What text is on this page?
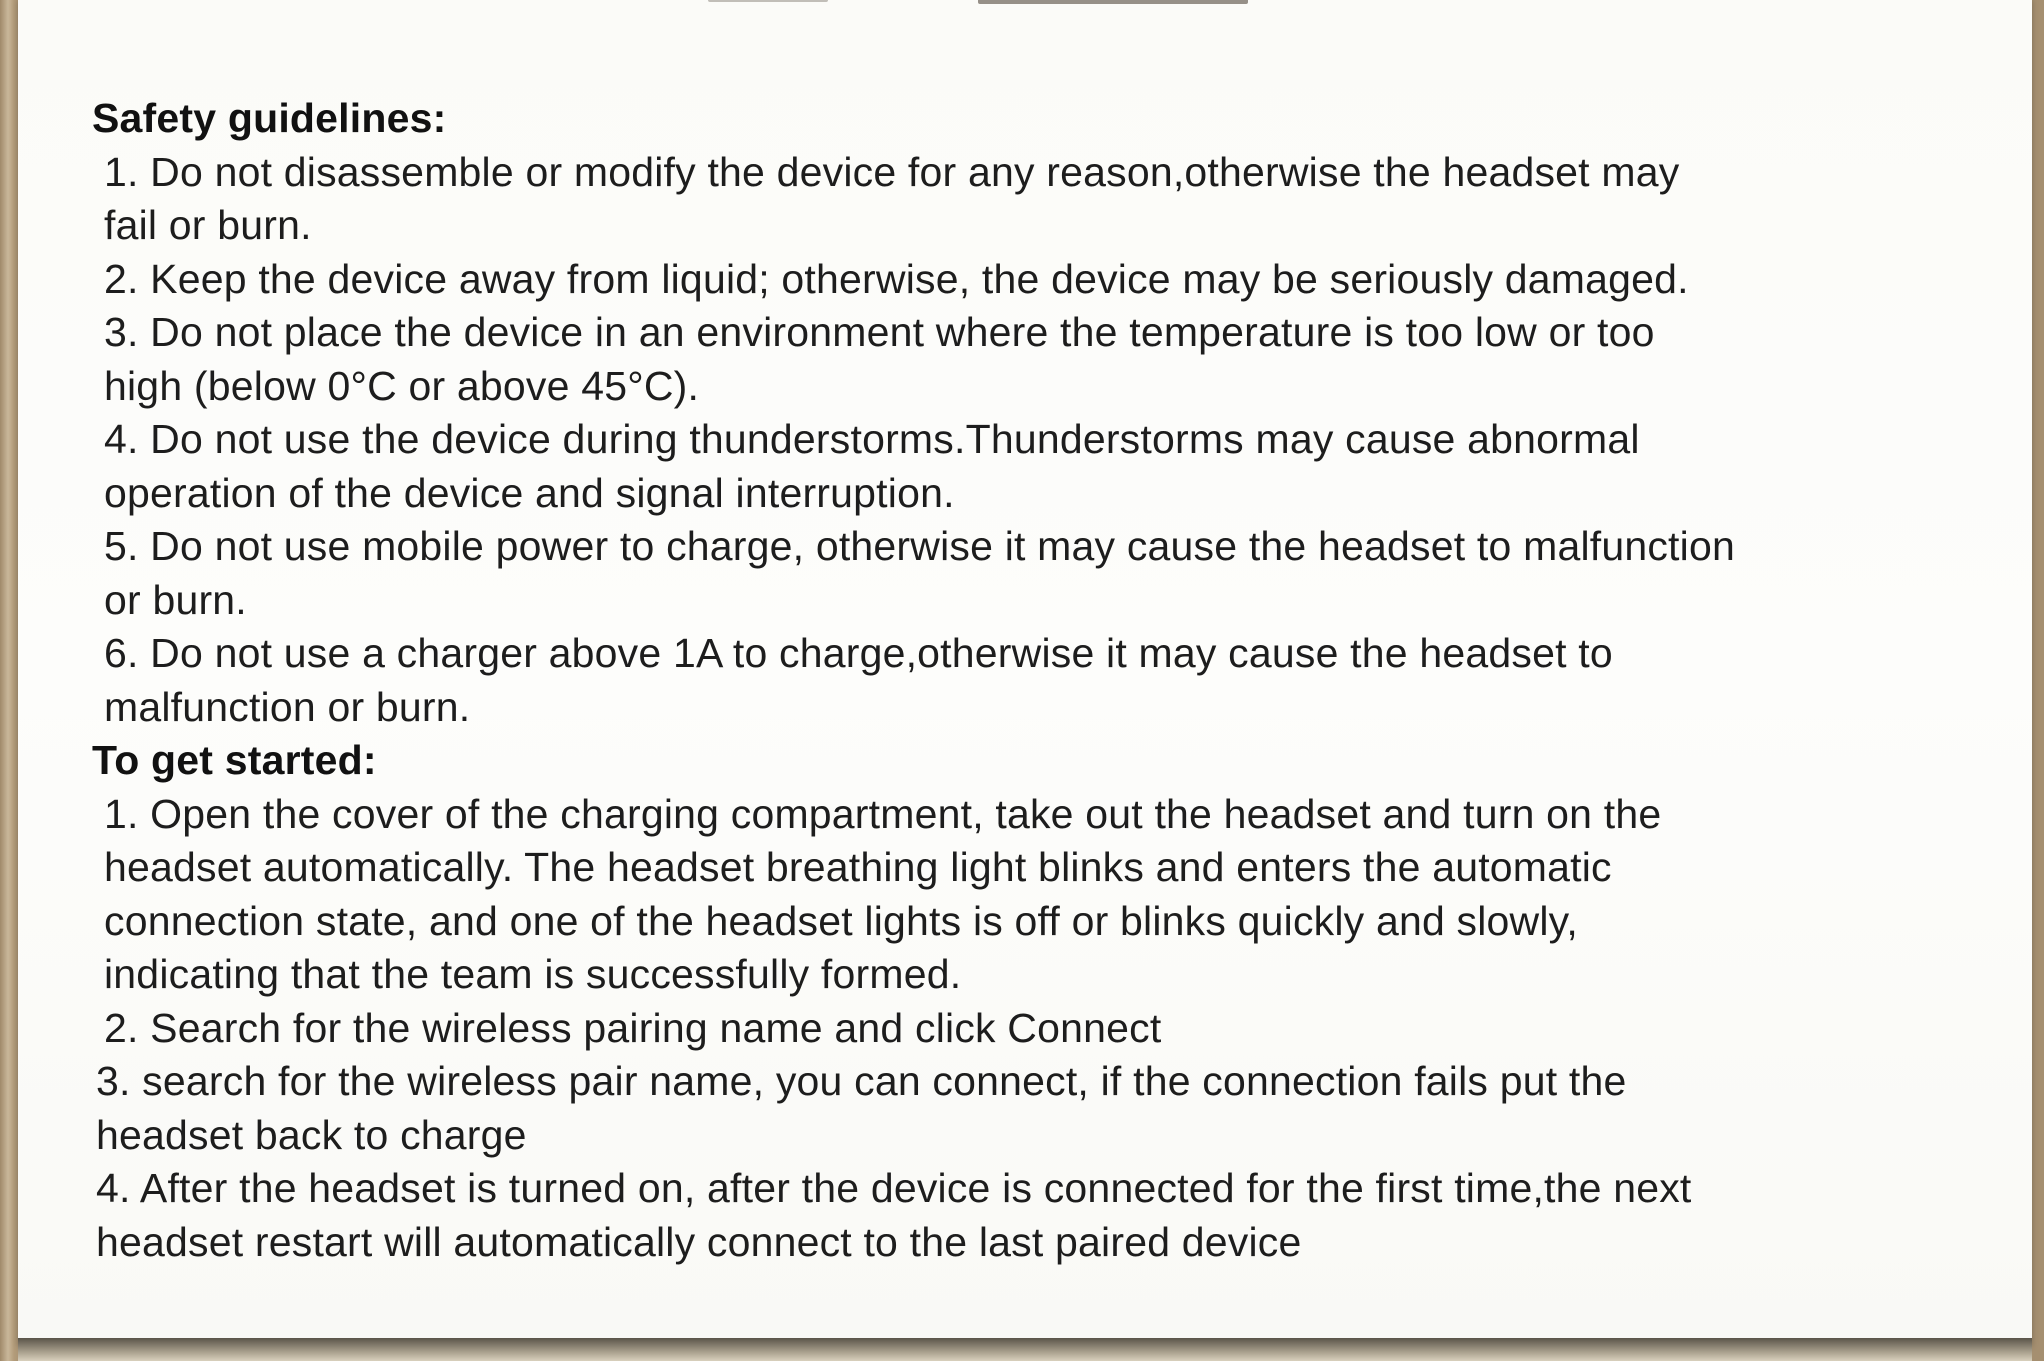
Safety guidelines:

1. Do not disassemble or modify the device for any reason,otherwise the headset may
fail or burn.

2. Keep the device away from liquid; otherwise, the device may be seriously damaged.

3. Do not place the device in an environment where the temperature is too low or too
high (below 0°C or above 45°C).

4. Do not use the device during thunderstorms.Thunderstorms may cause abnormal
operation of the device and signal interruption.

5. Do not use mobile power to charge, otherwise it may cause the headset to malfunction
or burn.

6. Do not use a charger above 1A to charge,otherwise it may cause the headset to
malfunction or burn.

To get started:

1. Open the cover of the charging compartment, take out the headset and turn on the
headset automatically. The headset breathing light blinks and enters the automatic
connection state, and one of the headset lights is off or blinks quickly and slowly,
indicating that the team is successfully formed.

2. Search for the wireless pairing name and click Connect

3. search for the wireless pair name, you can connect, if the connection fails put the
headset back to charge

4. After the headset is turned on, after the device is connected for the first time,the next
headset restart will automatically connect to the last paired device
